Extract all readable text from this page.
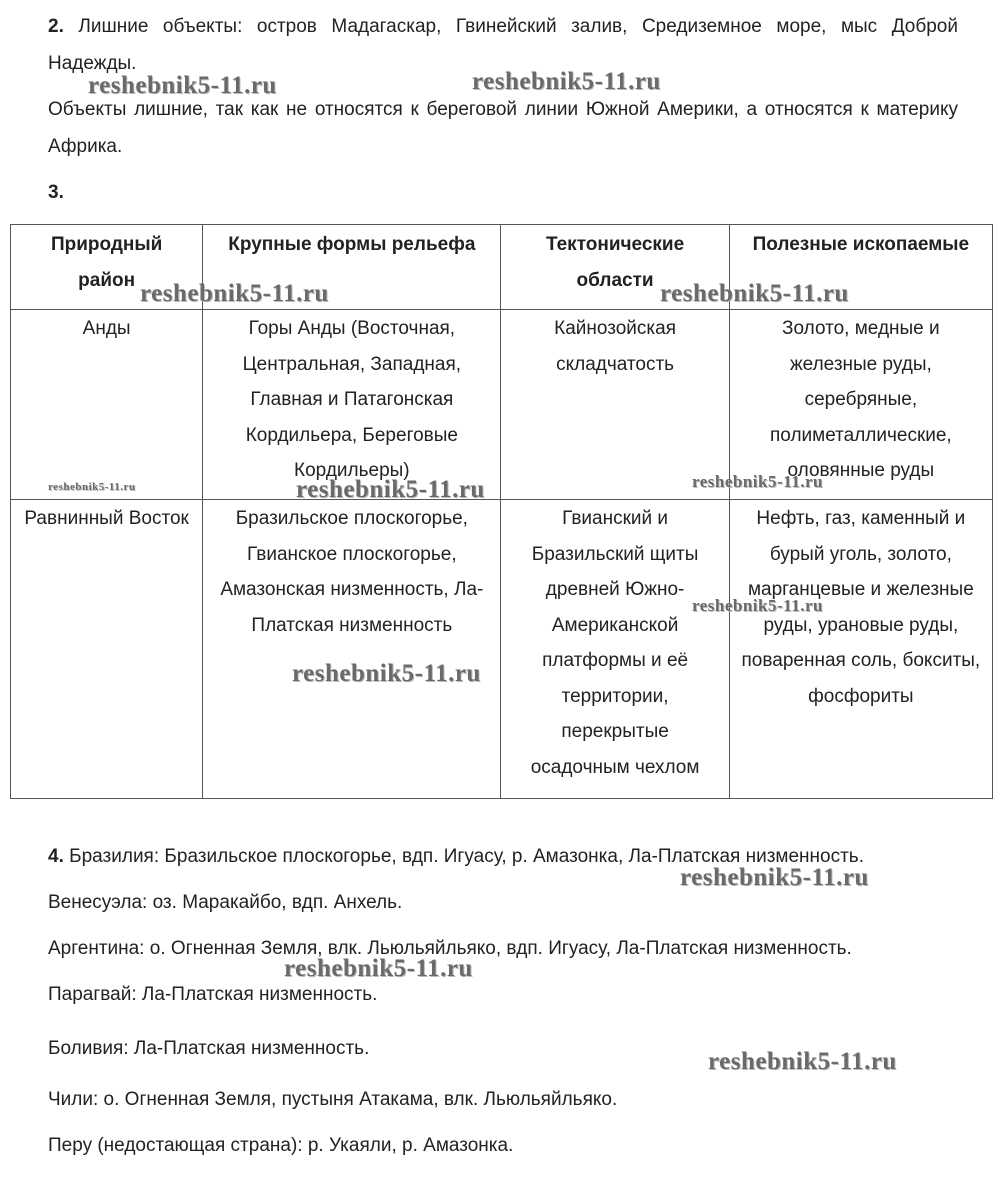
2. Лишние объекты: остров Мадагаскар, Гвинейский залив, Средиземное море, мыс Доброй Надежды.

Объекты лишние, так как не относятся к береговой линии Южной Америки, а относятся к материку Африка.

3.

Природный район	Крупные формы рельефа	Тектонические области	Полезные ископаемые
Анды	Горы Анды (Восточная, Центральная, Западная, Главная и Патагонская Кордильера, Береговые Кордильеры)	Кайнозойская складчатость	Золото, медные и железные руды, серебряные, полиметаллические, оловянные руды
Равнинный Восток	Бразильское плоскогорье, Гвианское плоскогорье, Амазонская низменность, Ла-Платская низменность	Гвианский и Бразильский щиты древней Южно-Американской платформы и её территории, перекрытые осадочным чехлом	Нефть, газ, каменный и бурый уголь, золото, марганцевые и железные руды, урановые руды, поваренная соль, бокситы, фосфориты

4. Бразилия: Бразильское плоскогорье, вдп. Игуасу, р. Амазонка, Ла-Платская низменность.

Венесуэла: оз. Маракайбо, вдп. Анхель.

Аргентина: о. Огненная Земля, влк. Льюльяйльяко, вдп. Игуасу, Ла-Платская низменность.

Парагвай: Ла-Платская низменность.

Боливия: Ла-Платская низменность.

Чили: о. Огненная Земля, пустыня Атакама, влк. Льюльяйльяко.

Перу (недостающая страна): р. Укаяли, р. Амазонка.

reshebnik5-11.ru	reshebnik5-11.ru
reshebnik5-11.ru	reshebnik5-11.ru
reshebnik5-11.ru	reshebnik5-11.ru	reshebnik5-11.ru
reshebnik5-11.ru
reshebnik5-11.ru
reshebnik5-11.ru
reshebnik5-11.ru
reshebnik5-11.ru
